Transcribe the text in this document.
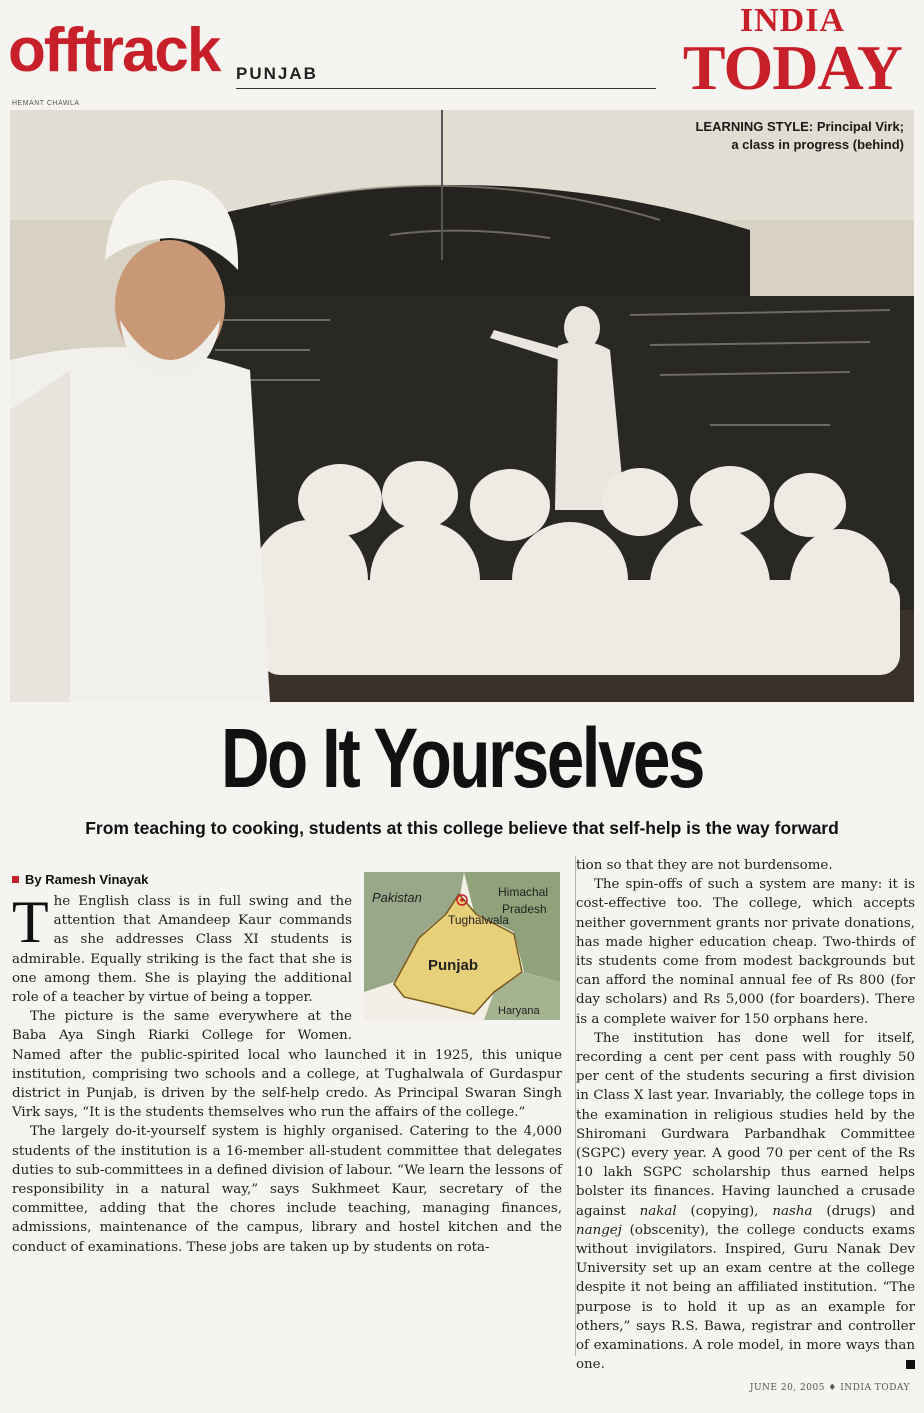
offtrack PUNJAB
INDIA
TODAY
HEMANT CHAWLA
LEARNING STYLE: Principal Virk;
a class in progress (behind)
Do It Yourselves
From teaching to cooking, students at this college believe that self-help is the way forward
By Ramesh Vinayak
Pakistan	Himachal
Pradesh
Tughalwala
Punjab
Haryana

The English class is in full swing and the attention that Amandeep Kaur commands as she addresses Class XI students is admirable. Equally striking is the fact that she is one among them. She is playing the additional role of a teacher by virtue of being a topper.

The picture is the same everywhere at the Baba Aya Singh Riarki College for Women. Named after the public-spirited local who launched it in 1925, this unique institution, comprising two schools and a college, at Tughalwala of Gurdaspur district in Punjab, is driven by the self-help credo. As Principal Swaran Singh Virk says, “It is the students themselves who run the affairs of the college.”

The largely do-it-yourself system is highly organised. Catering to the 4,000 students of the institution is a 16-member all-student committee that delegates duties to sub-committees in a defined division of labour. “We learn the lessons of responsibility in a natural way,” says Sukhmeet Kaur, secretary of the committee, adding that the chores include teaching, managing finances, admissions, maintenance of the campus, library and hostel kitchen and the conduct of examinations. These jobs are taken up by students on rota-

tion so that they are not burdensome.

The spin-offs of such a system are many: it is cost-effective too. The college, which accepts neither government grants nor private donations, has made higher education cheap. Two-thirds of its students come from modest backgrounds but can afford the nominal annual fee of Rs 800 (for day scholars) and Rs 5,000 (for boarders). There is a complete waiver for 150 orphans here.

The institution has done well for itself, recording a cent per cent pass with roughly 50 per cent of the students securing a first division in Class X last year. Invariably, the college tops in the examination in religious studies held by the Shiromani Gurdwara Parbandhak Committee (SGPC) every year. A good 70 per cent of the Rs 10 lakh SGPC scholarship thus earned helps bolster its finances. Having launched a crusade against nakal (copying), nasha (drugs) and nangej (obscenity), the college conducts exams without invigilators. Inspired, Guru Nanak Dev University set up an exam centre at the college despite it not being an affiliated institution. “The purpose is to hold it up as an example for others,” says R.S. Bawa, registrar and controller of examinations. A role model, in more ways than one.

JUNE 20, 2005 ♦ INDIA TODAY
